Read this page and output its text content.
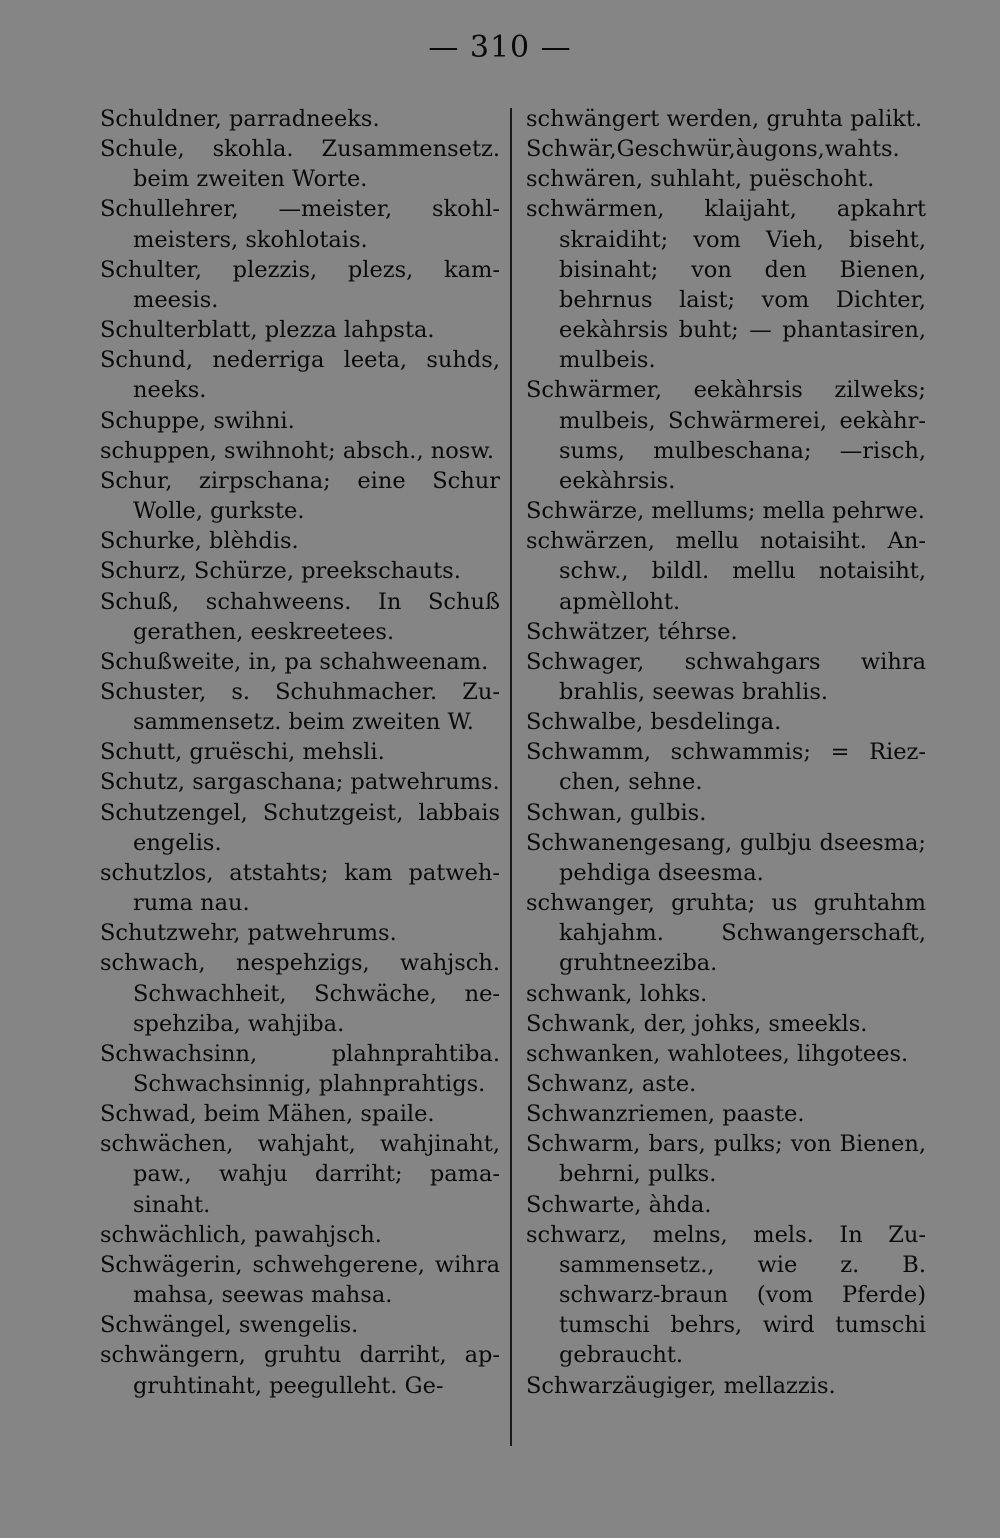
— 310 —

Schuldner, parradneeks.

Schule, skohla. Zusammensetz. beim zweiten Worte.

Schullehrer, —meister, skohl-meisters, skohlotais.

Schulter, plezzis, plezs, kam-meesis.

Schulterblatt, plezza lahpsta.

Schund, nederriga leeta, suhds, neeks.

Schuppe, swihni.

schuppen, swihnoht; absch., nosw.

Schur, zirpschana; eine Schur Wolle, gurkste.

Schurke, blèhdis.

Schurz, Schürze, preekschauts.

Schuß, schahweens. In Schuß gerathen, eeskreetees.

Schußweite, in, pa schahweenam.

Schuster, s. Schuhmacher. Zu-sammensetz. beim zweiten W.

Schutt, gruëschi, mehsli.

Schutz, sargaschana; patwehrums.

Schutzengel, Schutzgeist, labbais engelis.

schutzlos, atstahts; kam patweh-ruma nau.

Schutzwehr, patwehrums.

schwach, nespehzigs, wahjsch. Schwachheit, Schwäche, ne-spehziba, wahjiba.

Schwachsinn, plahnprahtiba. Schwachsinnig, plahnprahtigs.

Schwad, beim Mähen, spaile.

schwächen, wahjaht, wahjinaht, paw., wahju darriht; pama-sinaht.

schwächlich, pawahjsch.

Schwägerin, schwehgerene, wihra mahsa, seewas mahsa.

Schwängel, swengelis.

schwängern, gruhtu darriht, ap-gruhtinaht, peegulleht. Ge-

schwängert werden, gruhta palikt.

Schwär,Geschwür,àugons,wahts.

schwären, suhlaht, puëschoht.

schwärmen, klaijaht, apkahrt skraidiht; vom Vieh, biseht, bisinaht; von den Bienen, behrnus laist; vom Dichter, eekàhrsis buht; — phantasiren, mulbeis.

Schwärmer, eekàhrsis zilweks; mulbeis, Schwärmerei, eekàhr-sums, mulbeschana; —risch, eekàhrsis.

Schwärze, mellums; mella pehrwe.

schwärzen, mellu notaisiht. An-schw., bildl. mellu notaisiht, apmèlloht.

Schwätzer, téhrse.

Schwager, schwahgars wihra brahlis, seewas brahlis.

Schwalbe, besdelinga.

Schwamm, schwammis; = Riez-chen, sehne.

Schwan, gulbis.

Schwanengesang, gulbju dseesma; pehdiga dseesma.

schwanger, gruhta; us gruhtahm kahjahm. Schwangerschaft, gruhtneeziba.

schwank, lohks.

Schwank, der, johks, smeekls.

schwanken, wahlotees, lihgotees.

Schwanz, aste.

Schwanzriemen, paaste.

Schwarm, bars, pulks; von Bienen, behrni, pulks.

Schwarte, àhda.

schwarz, melns, mels. In Zu-sammensetz., wie z. B. schwarz-braun (vom Pferde) tumschi behrs, wird tumschi gebraucht.

Schwarzäugiger, mellazzis.
